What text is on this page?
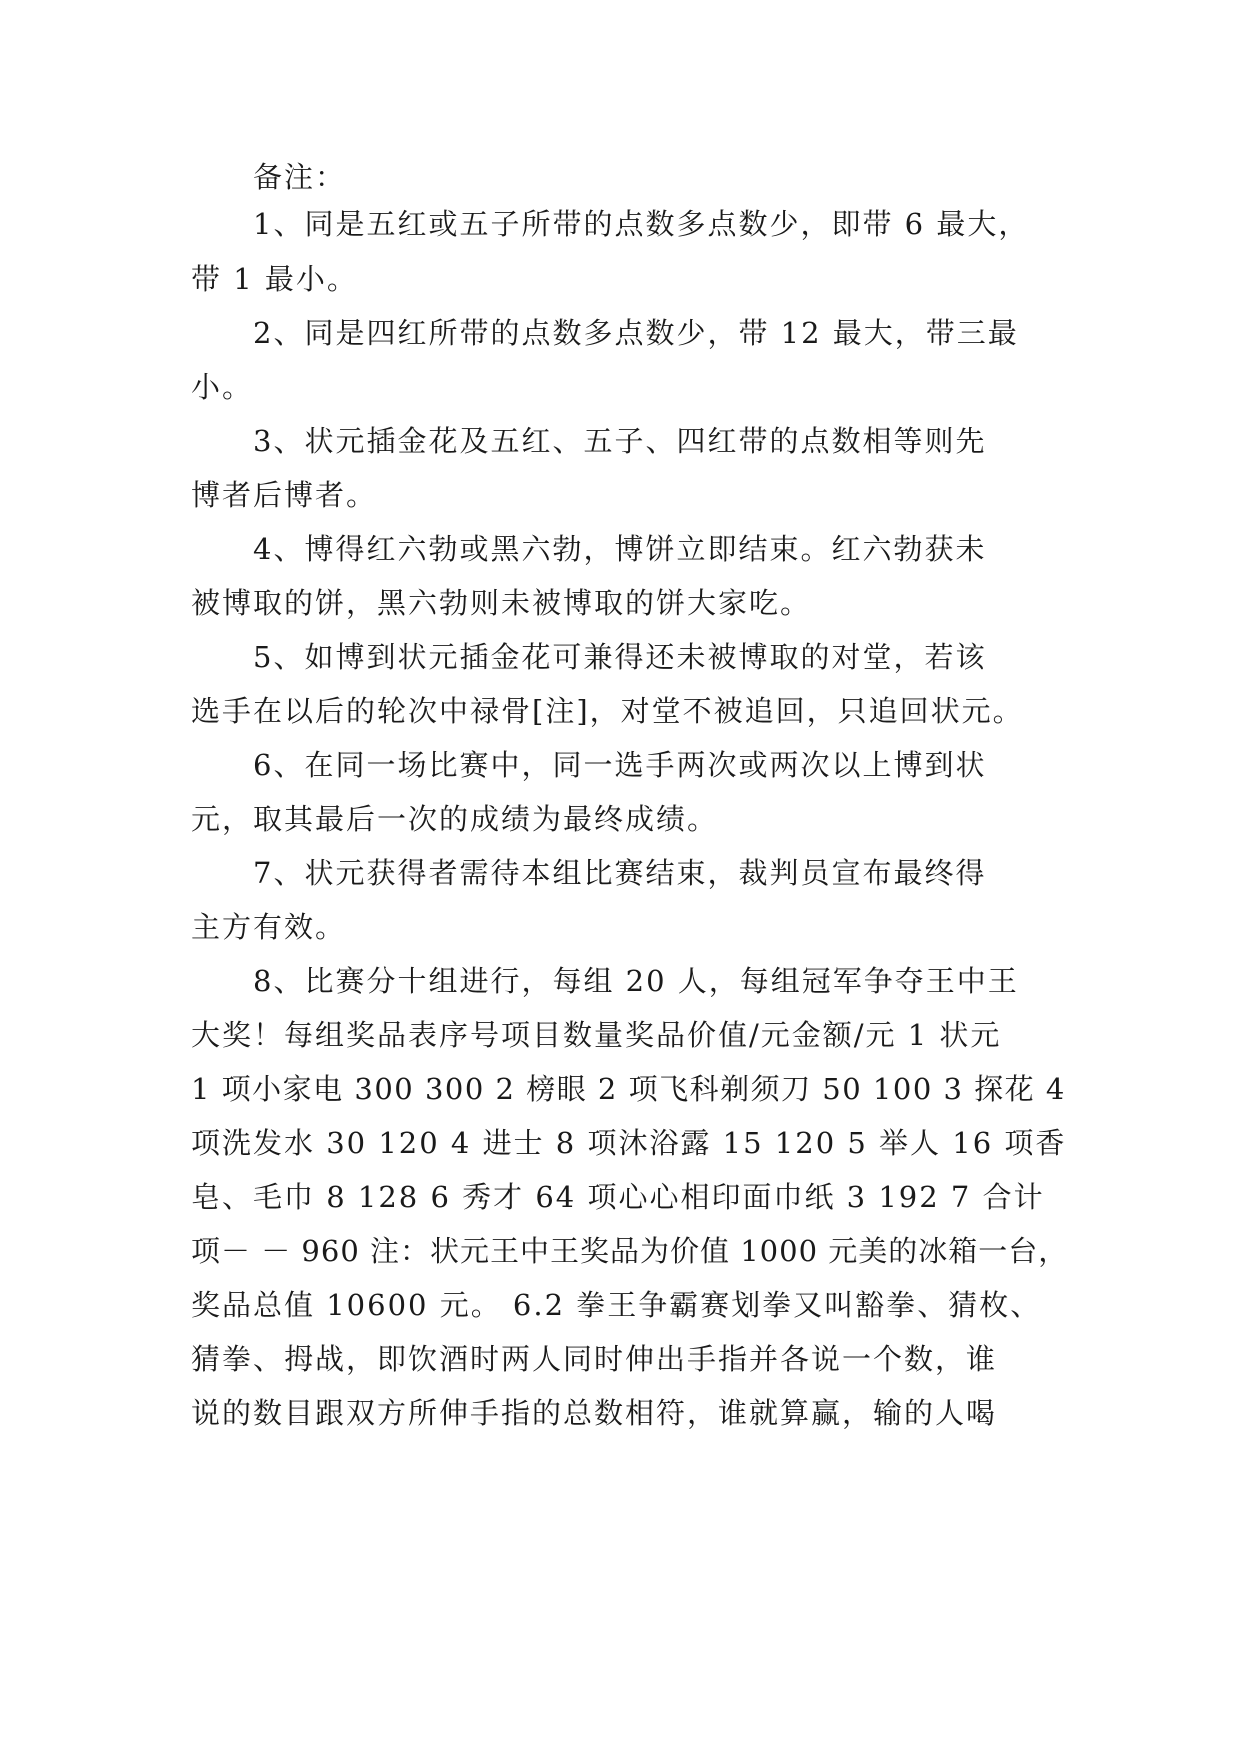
备注：
1、同是五红或五子所带的点数多点数少，即带 6 最大，
带 1 最小。
2、同是四红所带的点数多点数少，带 12 最大，带三最
小。
3、状元插金花及五红、五子、四红带的点数相等则先
博者后博者。
4、博得红六勃或黑六勃，博饼立即结束。红六勃获未
被博取的饼，黑六勃则未被博取的饼大家吃。
5、如博到状元插金花可兼得还未被博取的对堂，若该
选手在以后的轮次中禄骨[注]，对堂不被追回，只追回状元。
6、在同一场比赛中，同一选手两次或两次以上博到状
元，取其最后一次的成绩为最终成绩。
7、状元获得者需待本组比赛结束，裁判员宣布最终得
主方有效。
8、比赛分十组进行，每组 20 人，每组冠军争夺王中王
大奖！每组奖品表序号项目数量奖品价值/元金额/元 1 状元
1 项小家电 300 300 2 榜眼 2 项飞科剃须刀 50 100 3 探花 4
项洗发水 30 120 4 进士 8 项沐浴露 15 120 5 举人 16 项香
皂、毛巾 8 128 6 秀才 64 项心心相印面巾纸 3 192 7 合计
项－ － 960 注：状元王中王奖品为价值 1000 元美的冰箱一台，
奖品总值 10600 元。 6.2 拳王争霸赛划拳又叫豁拳、猜枚、
猜拳、拇战，即饮酒时两人同时伸出手指并各说一个数，谁
说的数目跟双方所伸手指的总数相符，谁就算赢，输的人喝
